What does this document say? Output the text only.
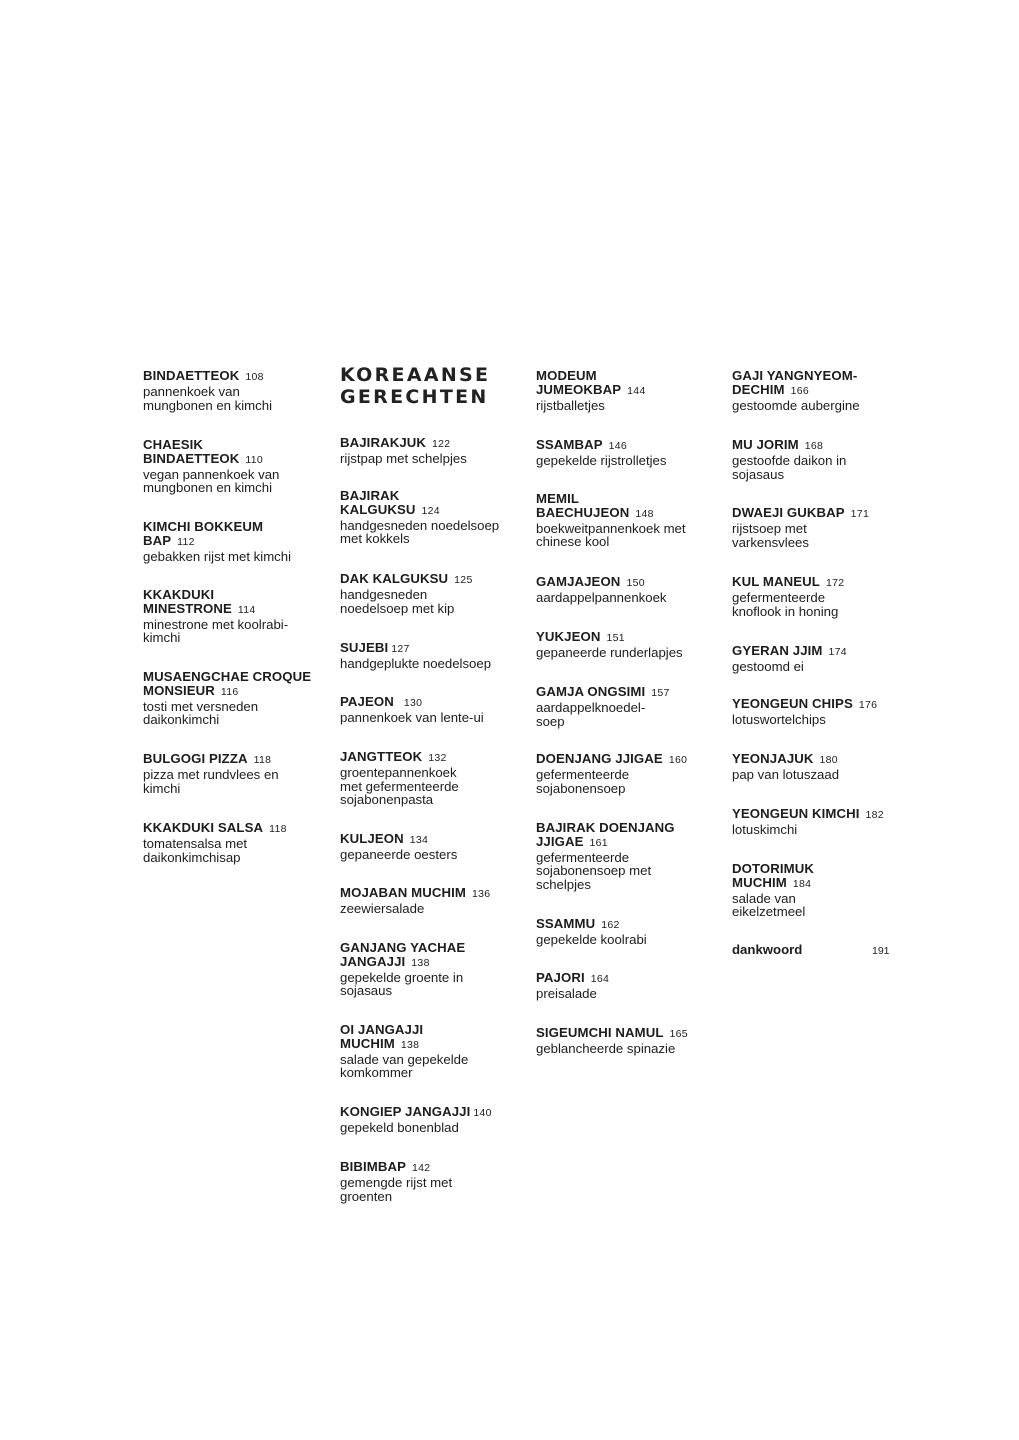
KOREAANSE
GERECHTEN
BINDAETTEOK 108
pannenkoek van mungbonen en kimchi
CHAESIK BINDAETTEOK 110
vegan pannenkoek van mungbonen en kimchi
KIMCHI BOKKEUM BAP 112
gebakken rijst met kimchi
KKAKDUKI MINESTRONE 114
minestrone met koolrabi-kimchi
MUSAENGCHAE CROQUE MONSIEUR 116
tosti met versneden daikonkimchi
BULGOGI PIZZA 118
pizza met rundvlees en kimchi
KKAKDUKI SALSA 118
tomatensalsa met daikonkimchisap
BAJIRAKJUK 122
rijstpap met schelpjes
BAJIRAK KALGUKSU 124
handgesneden noedelsoep met kokkels
DAK KALGUKSU 125
handgesneden noedelsoep met kip
SUJEBI 127
handgeplukte noedelsoep
PAJEON 130
pannenkoek van lente-ui
JANGTTEOK 132
groentepannenkoek met gefermenteerde sojabonenpasta
KULJEON 134
gepaneerde oesters
MOJABAN MUCHIM 136
zeewiersalade
GANJANG YACHAE JANGAJJI 138
gepekelde groente in sojasaus
OI JANGAJJI MUCHIM 138
salade van gepekelde komkommer
KONGIEP JANGAJJI 140
gepekeld bonenblad
BIBIMBAP 142
gemengde rijst met groenten
MODEUM JUMEOKBAP 144
rijstballetjes
SSAMBAP 146
gepekelde rijstrolletjes
MEMIL BAECHUJEON 148
boekweitpannenkoek met chinese kool
GAMJAJEON 150
aardappelpannenkoek
YUKJEON 151
gepaneerde runderlapjes
GAMJA ONGSIMI 157
aardappelknoedel-soep
DOENJANG JJIGAE 160
gefermenteerde sojabonensoep
BAJIRAK DOENJANG JJIGAE 161
gefermenteerde sojabonensoep met schelpjes
SSAMMU 162
gepekelde koolrabi
PAJORI 164
preisalade
SIGEUMCHI NAMUL 165
geblancheerde spinazie
GAJI YANGNYEOM-DECHIM 166
gestoomde aubergine
MU JORIM 168
gestoofde daikon in sojasaus
DWAEJI GUKBAP 171
rijstsoep met varkensvlees
KUL MANEUL 172
gefermenteerde knoflook in honing
GYERAN JJIM 174
gestoomd ei
YEONGEUN CHIPS 176
lotuswortelchips
YEONJAJUK 180
pap van lotuszaad
YEONGEUN KIMCHI 182
lotuskimchi
DOTORIMUK MUCHIM 184
salade van eikelzetmeel
dankwoord	191
